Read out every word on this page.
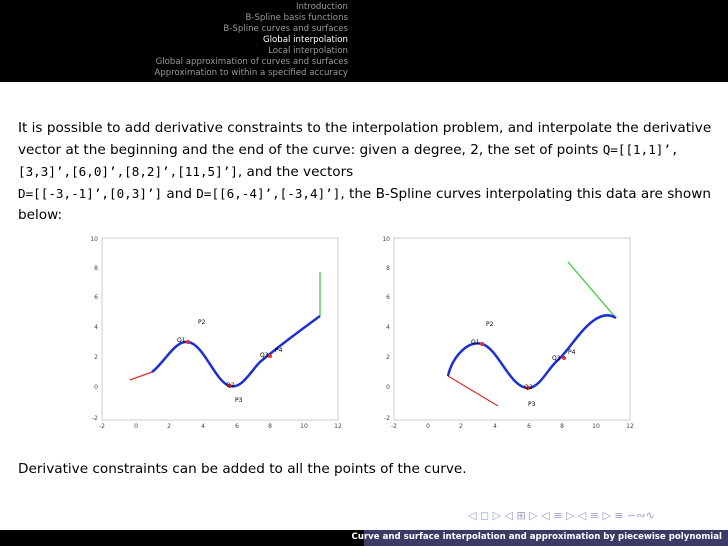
Introduction
B-Spline basis functions
B-Spline curves and surfaces
Global interpolation
Local interpolation
Global approximation of curves and surfaces
Approximation to within a specified accuracy
It is possible to add derivative constraints to the interpolation problem, and interpolate the derivative vector at the beginning and the end of the curve: given a degree, 2, the set of points Q=[[1,1]’,[3,3]’,[6,0]’,[8,2]’,[11,5]’], and the vectors
D=[[-3,-1]’,[0,3]’] and D=[[6,-4]’,[-3,4]’], the B-Spline curves interpolating this data are shown below:
10
8
6
4
2
0
-2
-2	0	2	4	6	8	10	12
P2
Q1
Q2
Q3
P4
P3
10
8
6
4
2
0
-2
-2	0	2	4	6	8	10	12
P2
Q1
Q2
Q3
P4
P3
Derivative constraints can be added to all the points of the curve.
◁ ◻ ▷ ◁ ⊞ ▷ ◁ ≡ ▷ ◁ ≡ ▷ ≡ ∽∾∿
Curve and surface interpolation and approximation by piecewise polynomial
